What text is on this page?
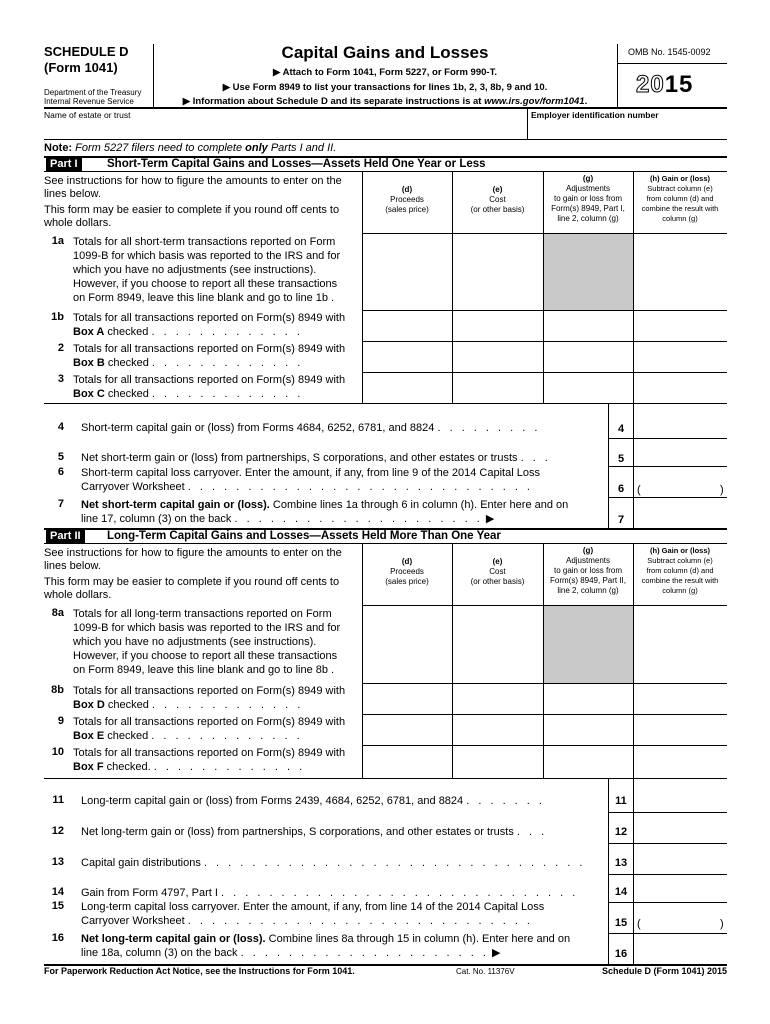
SCHEDULE D
(Form 1041)
Department of the Treasury
Internal Revenue Service
Capital Gains and Losses
▶ Attach to Form 1041, Form 5227, or Form 990-T.
▶ Use Form 8949 to list your transactions for lines 1b, 2, 3, 8b, 9 and 10.
▶ Information about Schedule D and its separate instructions is at www.irs.gov/form1041.
OMB No. 1545-0092
2015
Name of estate or trust	Employer identification number
Note: Form 5227 filers need to complete only Parts I and II.
Part I	Short-Term Capital Gains and Losses—Assets Held One Year or Less
See instructions for how to figure the amounts to enter on the
lines below.
This form may be easier to complete if you round off cents to
whole dollars.
(d)
Proceeds
(sales price)
(e)
Cost
(or other basis)
(g)
Adjustments
to gain or loss from
Form(s) 8949, Part I,
line 2, column (g)
(h) Gain or (loss)
Subtract column (e)
from column (d) and
combine the result with
column (g)
1a Totals for all short-term transactions reported on Form
1099-B for which basis was reported to the IRS and for
which you have no adjustments (see instructions).
However, if you choose to report all these transactions
on Form 8949, leave this line blank and go to line 1b .
1b Totals for all transactions reported on Form(s) 8949 with
Box A checked . . . . . . . . . . . . .
2 Totals for all transactions reported on Form(s) 8949 with
Box B checked . . . . . . . . . . . . .
3 Totals for all transactions reported on Form(s) 8949 with
Box C checked . . . . . . . . . . . . .
4 Short-term capital gain or (loss) from Forms 4684, 6252, 6781, and 8824 . . . . . . . . .	4
5 Net short-term gain or (loss) from partnerships, S corporations, and other estates or trusts . . .	5
6 Short-term capital loss carryover. Enter the amount, if any, from line 9 of the 2014 Capital Loss
Carryover Worksheet . . . . . . . . . . . . . . . . . . . . . . . . . . . . .	6	(	)
7 Net short-term capital gain or (loss). Combine lines 1a through 6 in column (h). Enter here and on
line 17, column (3) on the back . . . . . . . . . . . . . . . . . . . . . ▶	7
Part II	Long-Term Capital Gains and Losses—Assets Held More Than One Year
See instructions for how to figure the amounts to enter on the
lines below.
This form may be easier to complete if you round off cents to
whole dollars.
(d)
Proceeds
(sales price)
(e)
Cost
(or other basis)
(g)
Adjustments
to gain or loss from
Form(s) 8949, Part II,
line 2, column (g)
(h) Gain or (loss)
Subtract column (e)
from column (d) and
combine the result with
column (g)
8a Totals for all long-term transactions reported on Form
1099-B for which basis was reported to the IRS and for
which you have no adjustments (see instructions).
However, if you choose to report all these transactions
on Form 8949, leave this line blank and go to line 8b .
8b Totals for all transactions reported on Form(s) 8949 with
Box D checked . . . . . . . . . . . . .
9 Totals for all transactions reported on Form(s) 8949 with
Box E checked . . . . . . . . . . . . .
10 Totals for all transactions reported on Form(s) 8949 with
Box F checked. . . . . . . . . . . . . .
11 Long-term capital gain or (loss) from Forms 2439, 4684, 6252, 6781, and 8824 . . . . . . .	11
12 Net long-term gain or (loss) from partnerships, S corporations, and other estates or trusts . . .	12
13 Capital gain distributions . . . . . . . . . . . . . . . . . . . . . . . . . . . . . . . .	13
14 Gain from Form 4797, Part I . . . . . . . . . . . . . . . . . . . . . . . . . . . . . .	14
15 Long-term capital loss carryover. Enter the amount, if any, from line 14 of the 2014 Capital Loss
Carryover Worksheet . . . . . . . . . . . . . . . . . . . . . . . . . . . . .	15 (	)
16 Net long-term capital gain or (loss). Combine lines 8a through 15 in column (h). Enter here and on
line 18a, column (3) on the back . . . . . . . . . . . . . . . . . . . . . ▶	16
For Paperwork Reduction Act Notice, see the Instructions for Form 1041.	Cat. No. 11376V	Schedule D (Form 1041) 2015
